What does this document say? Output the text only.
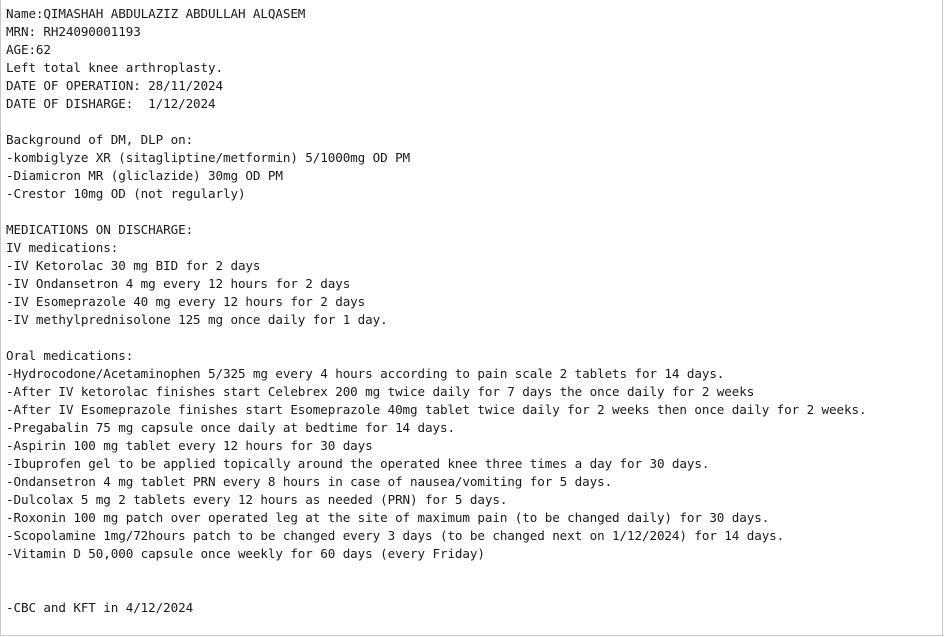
Name:QIMASHAH ABDULAZIZ ABDULLAH ALQASEM
MRN: RH24090001193
AGE:62
Left total knee arthroplasty.
DATE OF OPERATION: 28/11/2024
DATE OF DISHARGE:  1/12/2024
Background of DM, DLP on:
-kombiglyze XR (sitagliptine/metformin) 5/1000mg OD PM
-Diamicron MR (gliclazide) 30mg OD PM
-Crestor 10mg OD (not regularly)
MEDICATIONS ON DISCHARGE:
IV medications:
-IV Ketorolac 30 mg BID for 2 days
-IV Ondansetron 4 mg every 12 hours for 2 days
-IV Esomeprazole 40 mg every 12 hours for 2 days
-IV methylprednisolone 125 mg once daily for 1 day.
Oral medications:
-Hydrocodone/Acetaminophen 5/325 mg every 4 hours according to pain scale 2 tablets for 14 days.
-After IV ketorolac finishes start Celebrex 200 mg twice daily for 7 days the once daily for 2 weeks
-After IV Esomeprazole finishes start Esomeprazole 40mg tablet twice daily for 2 weeks then once daily for 2 weeks.
-Pregabalin 75 mg capsule once daily at bedtime for 14 days.
-Aspirin 100 mg tablet every 12 hours for 30 days
-Ibuprofen gel to be applied topically around the operated knee three times a day for 30 days.
-Ondansetron 4 mg tablet PRN every 8 hours in case of nausea/vomiting for 5 days.
-Dulcolax 5 mg 2 tablets every 12 hours as needed (PRN) for 5 days.
-Roxonin 100 mg patch over operated leg at the site of maximum pain (to be changed daily) for 30 days.
-Scopolamine 1mg/72hours patch to be changed every 3 days (to be changed next on 1/12/2024) for 14 days.
-Vitamin D 50,000 capsule once weekly for 60 days (every Friday)
-CBC and KFT in 4/12/2024
